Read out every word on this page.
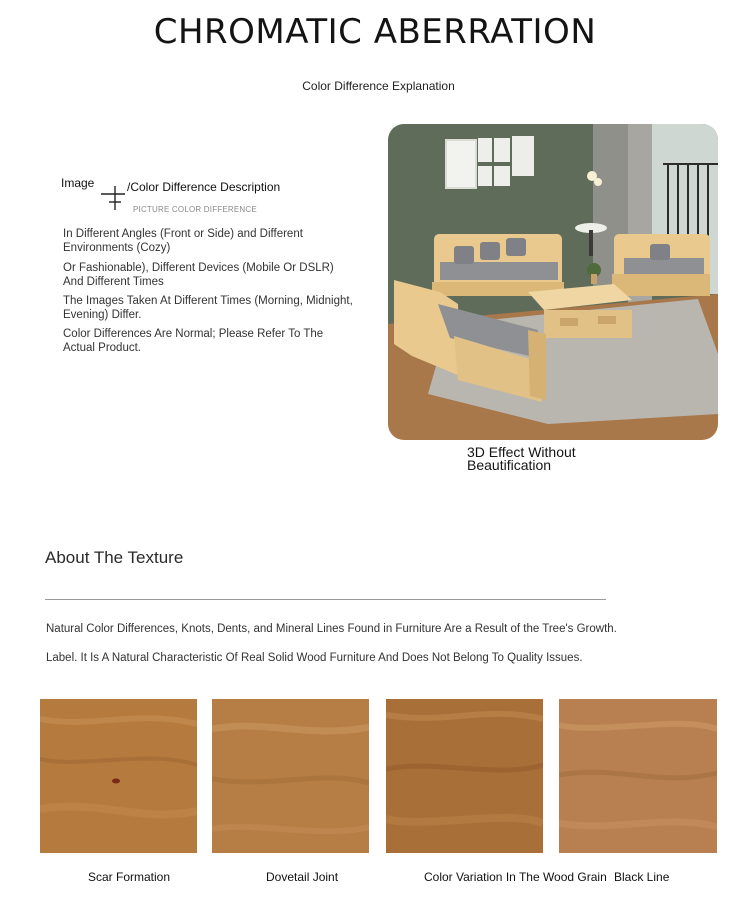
CHROMATIC ABERRATION
Color Difference Explanation
Image	/Color Difference Description
PICTURE COLOR DIFFERENCE
In Different Angles (Front or Side) and Different Environments (Cozy)
Or Fashionable), Different Devices (Mobile Or DSLR) And Different Times
The Images Taken At Different Times (Morning, Midnight, Evening) Differ.
Color Differences Are Normal; Please Refer To The Actual Product.
3D Effect Without Beautification
About The Texture
Natural Color Differences, Knots, Dents, and Mineral Lines Found in Furniture Are a Result of the Tree's Growth.
Label. It Is A Natural Characteristic Of Real Solid Wood Furniture And Does Not Belong To Quality Issues.
Scar Formation	Dovetail Joint	Color Variation In The Wood Grain Black Line
